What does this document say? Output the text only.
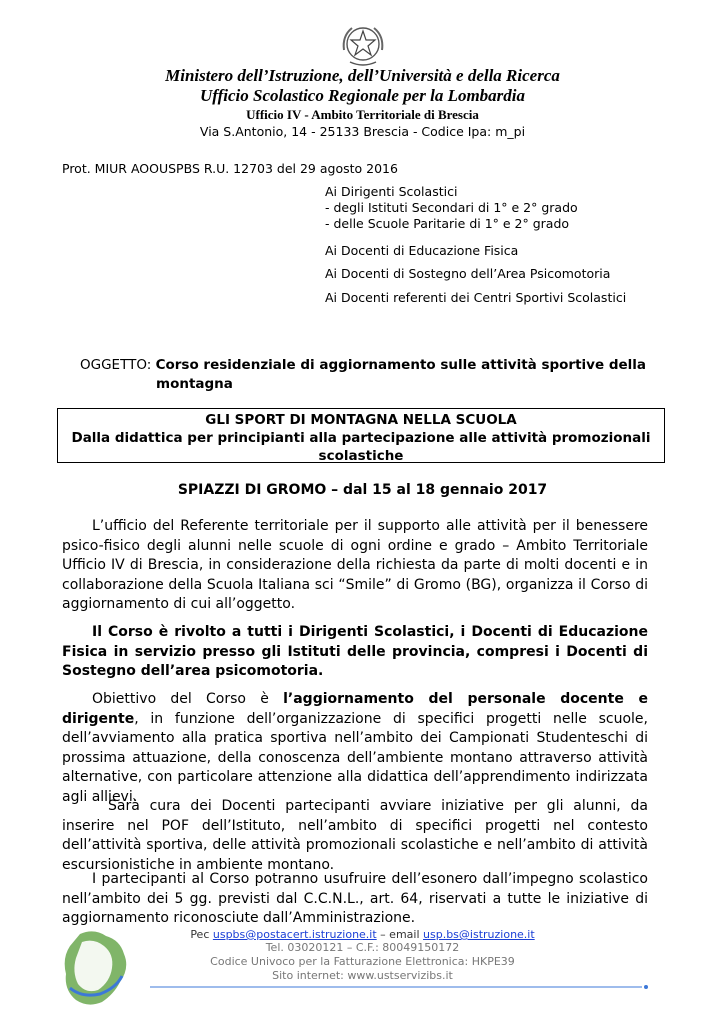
Ministero dell’Istruzione, dell’Università e della Ricerca
Ufficio Scolastico Regionale per la Lombardia
Ufficio IV - Ambito Territoriale di Brescia
Via S.Antonio, 14 - 25133 Brescia - Codice Ipa: m_pi
Prot. MIUR AOOUSPBS R.U. 12703 del 29 agosto 2016
Ai Dirigenti Scolastici
- degli Istituti Secondari di 1° e 2° grado
- delle Scuole Paritarie di 1° e 2° grado
Ai Docenti di Educazione Fisica
Ai Docenti di Sostegno dell’Area Psicomotoria
Ai Docenti referenti dei Centri Sportivi Scolastici
OGGETTO: Corso residenziale di aggiornamento sulle attività sportive della
montagna
GLI SPORT DI MONTAGNA NELLA SCUOLA
Dalla didattica per principianti alla partecipazione alle attività promozionali
scolastiche
SPIAZZI DI GROMO – dal 15 al 18 gennaio 2017
L’ufficio del Referente territoriale per il supporto alle attività per il benessere psico-fisico degli alunni nelle scuole di ogni ordine e grado – Ambito Territoriale Ufficio IV di Brescia, in considerazione della richiesta da parte di molti docenti e in collaborazione della Scuola Italiana sci “Smile” di Gromo (BG), organizza il Corso di aggiornamento di cui all’oggetto.
Il Corso è rivolto a tutti i Dirigenti Scolastici, i Docenti di Educazione Fisica in servizio presso gli Istituti delle provincia, compresi i Docenti di Sostegno dell’area psicomotoria.
Obiettivo del Corso è l’aggiornamento del personale docente e dirigente, in funzione dell’organizzazione di specifici progetti nelle scuole, dell’avviamento alla pratica sportiva nell’ambito dei Campionati Studenteschi di prossima attuazione, della conoscenza dell’ambiente montano attraverso attività alternative, con particolare attenzione alla didattica dell’apprendimento indirizzata agli allievi.
Sarà cura dei Docenti partecipanti avviare iniziative per gli alunni, da inserire nel POF dell’Istituto, nell’ambito di specifici progetti nel contesto dell’attività sportiva, delle attività promozionali scolastiche e nell’ambito di attività escursionistiche in ambiente montano.
I partecipanti al Corso potranno usufruire dell’esonero dall’impegno scolastico nell’ambito dei 5 gg. previsti dal C.C.N.L., art. 64, riservati a tutte le iniziative di aggiornamento riconosciute dall’Amministrazione.
Pec uspbs@postacert.istruzione.it – email usp.bs@istruzione.it
Tel. 03020121 – C.F.: 80049150172
Codice Univoco per la Fatturazione Elettronica: HKPE39
Sito internet: www.ustservizibs.it
